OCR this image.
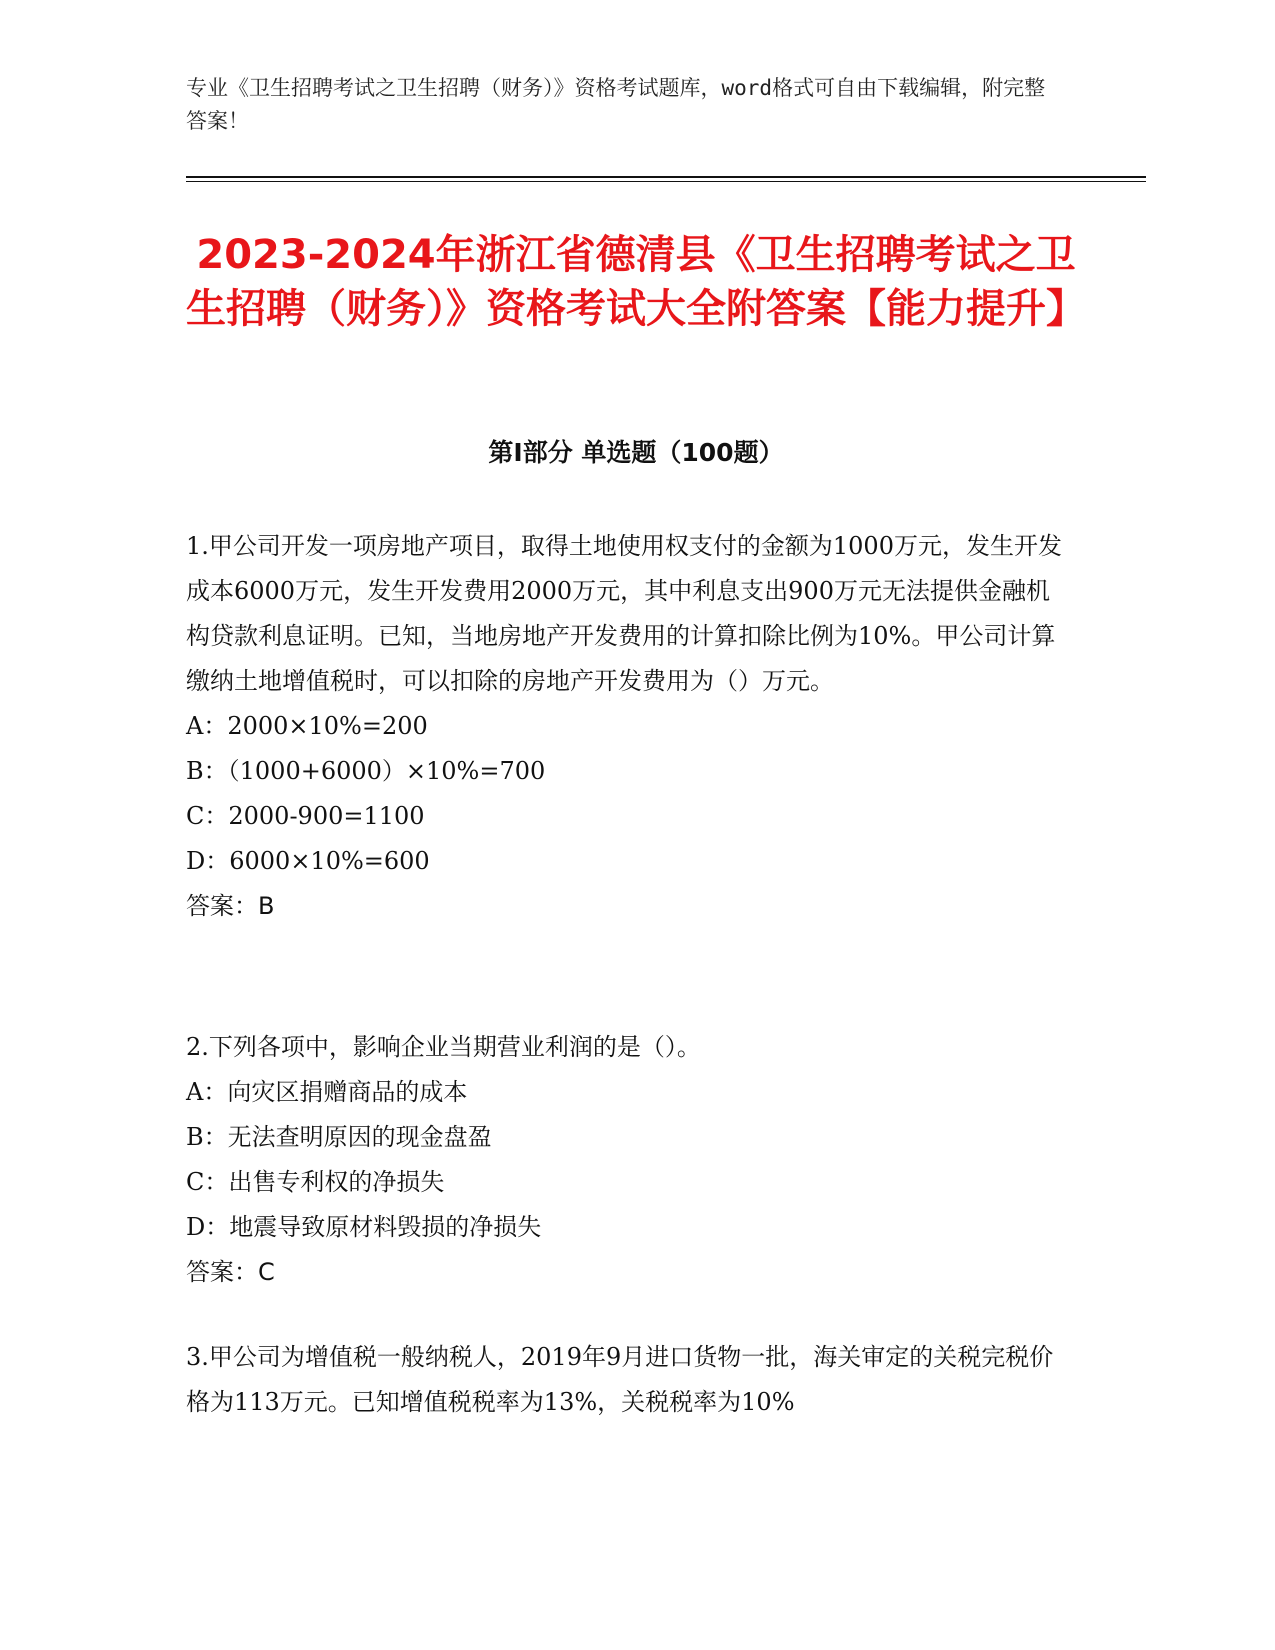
专业《卫生招聘考试之卫生招聘（财务）》资格考试题库，word格式可自由下载编辑，附完整答案！
2023-2024年浙江省德清县《卫生招聘考试之卫生招聘（财务）》资格考试大全附答案【能力提升】
第Ⅰ部分 单选题（100题）
1.甲公司开发一项房地产项目，取得土地使用权支付的金额为1000万元，发生开发成本6000万元，发生开发费用2000万元，其中利息支出900万元无法提供金融机构贷款利息证明。已知，当地房地产开发费用的计算扣除比例为10%。甲公司计算缴纳土地增值税时，可以扣除的房地产开发费用为（）万元。
A：2000×10%=200
B：（1000+6000）×10%=700
C：2000-900=1100
D：6000×10%=600
答案：B
2.下列各项中，影响企业当期营业利润的是（）。
A：向灾区捐赠商品的成本
B：无法查明原因的现金盘盈
C：出售专利权的净损失
D：地震导致原材料毁损的净损失
答案：C
3.甲公司为增值税一般纳税人，2019年9月进口货物一批，海关审定的关税完税价格为113万元。已知增值税税率为13%，关税税率为10%
